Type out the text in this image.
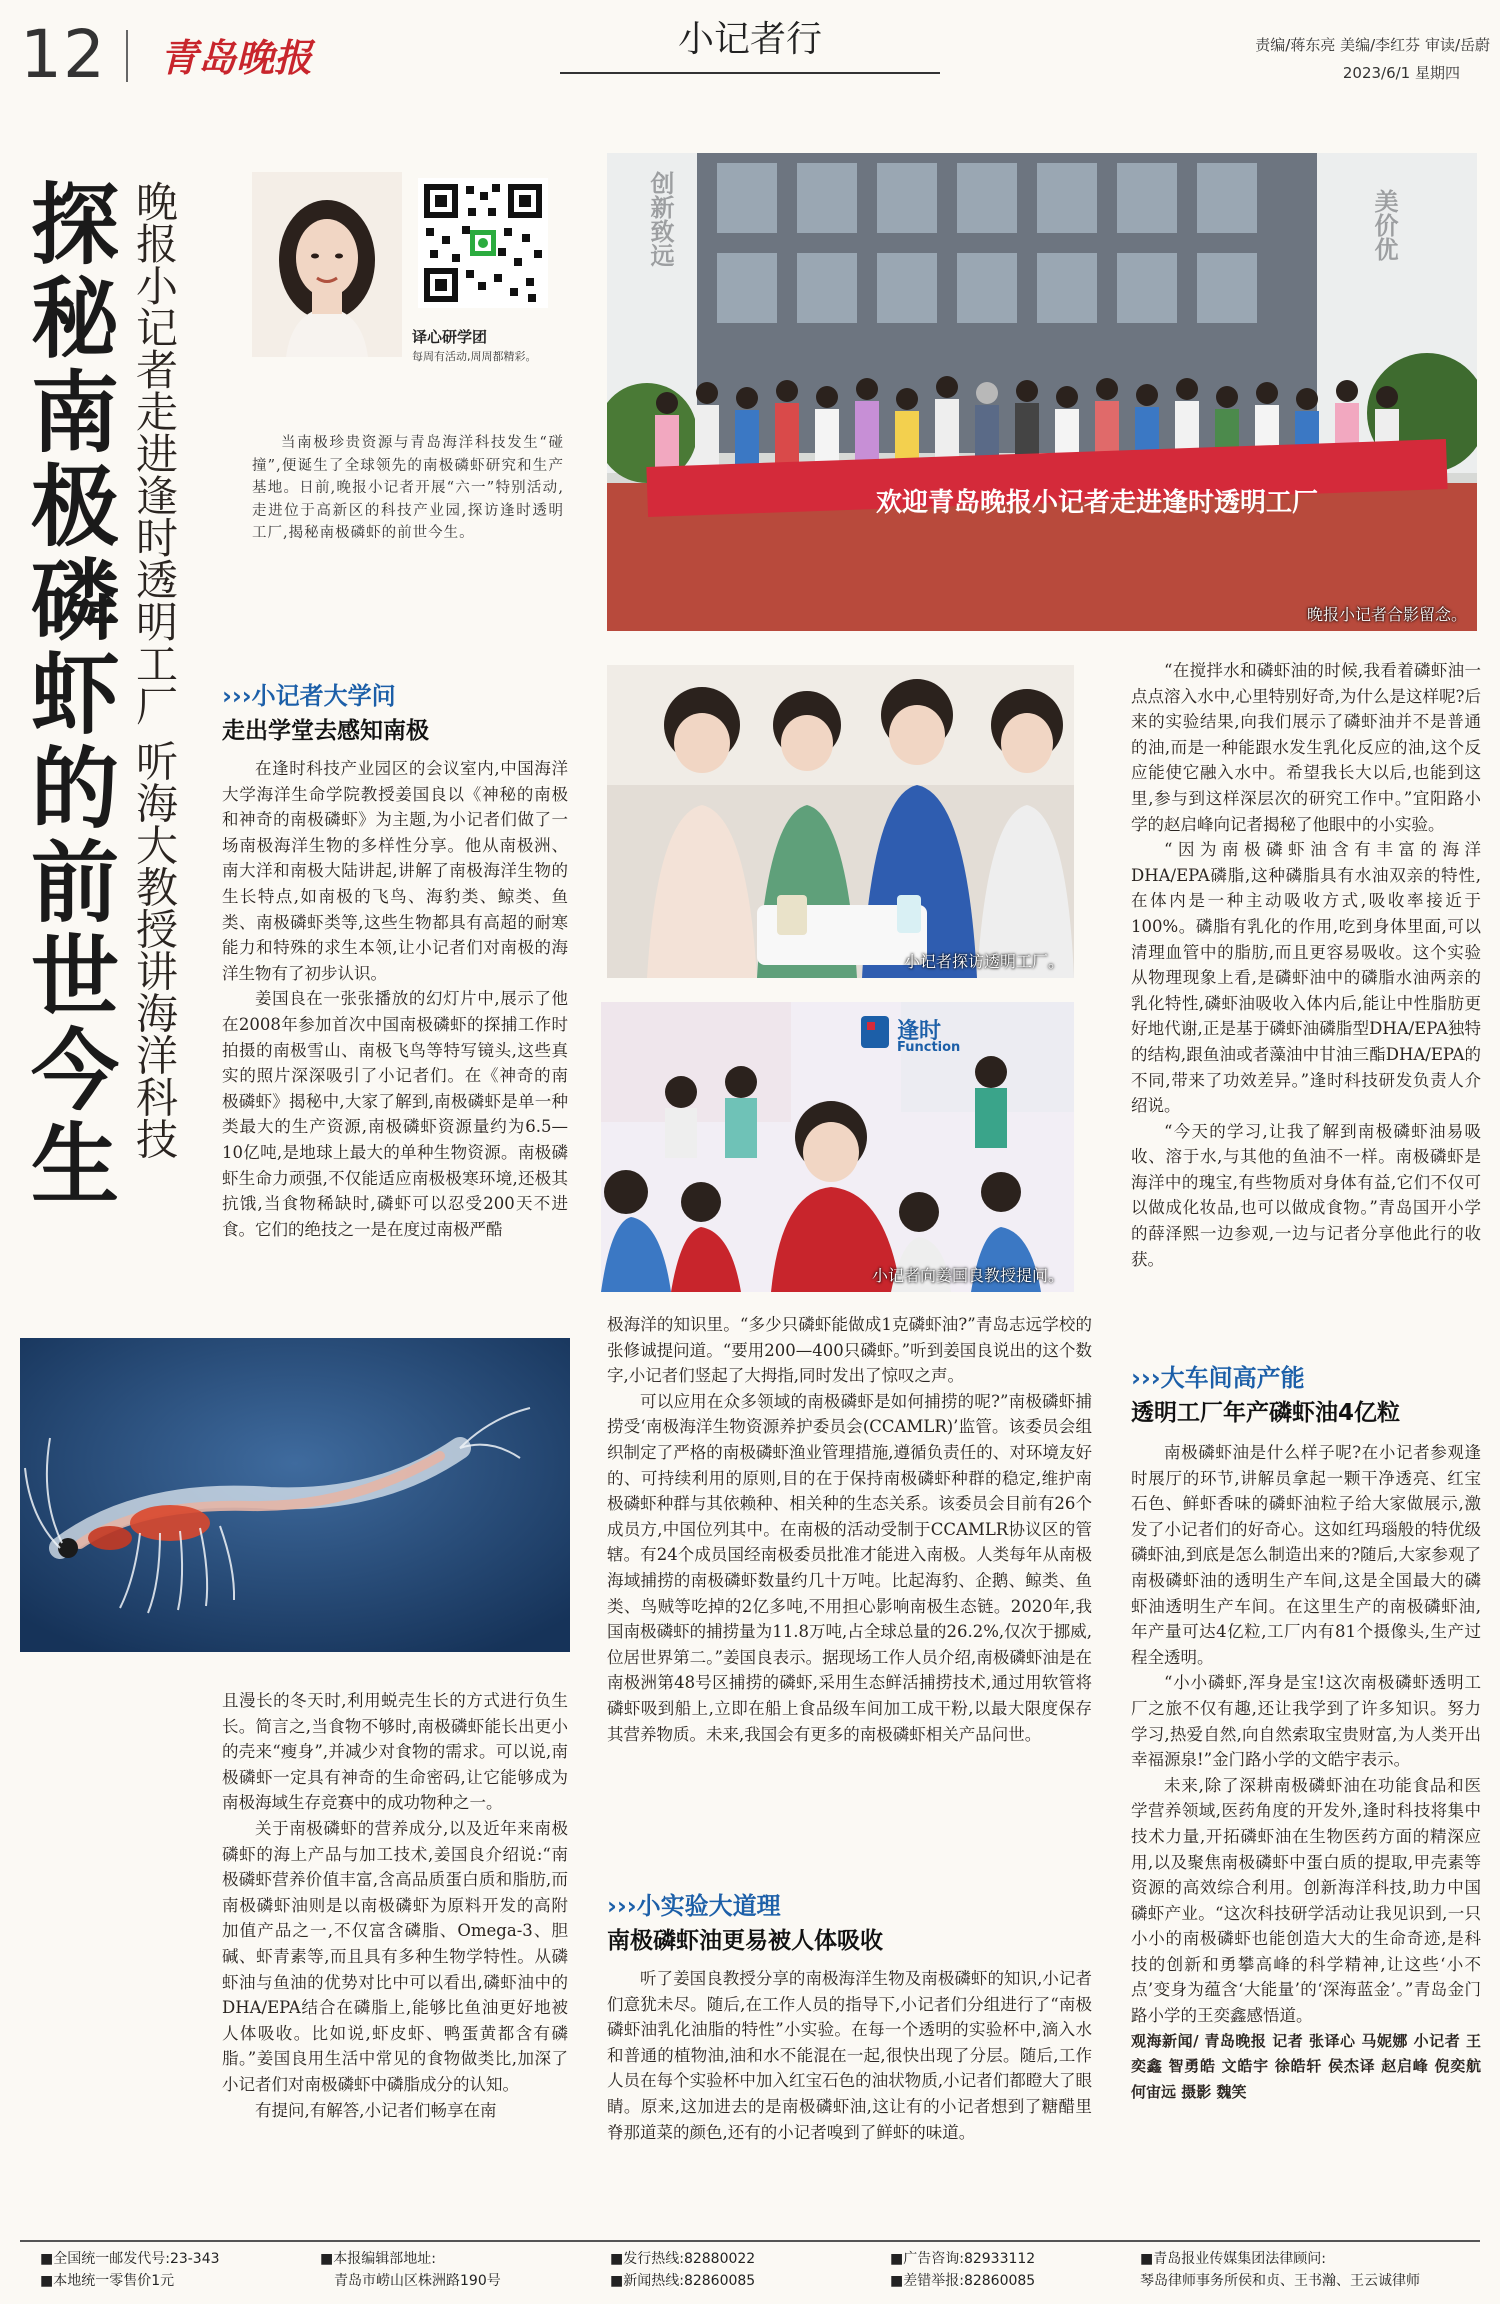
12 青岛晚报	小记者行	责编/蒋东亮 美编/李红芬 审读/岳蔚
2023/6/1 星期四
探秘南极磷虾的前世今生 晚报小记者走进逢时透明工厂 听海大教授讲海洋科技	译心研学团
每周有活动,周周都精彩。

当南极珍贵资源与青岛海洋科技发生“碰撞”,便诞生了全球领先的南极磷虾研究和生产基地。日前,晚报小记者开展“六一”特别活动,走进位于高新区的科技产业园,探访逢时透明工厂,揭秘南极磷虾的前世今生。

欢迎青岛晚报小记者走进逢时透明工厂
创新致远	美价优
晚报小记者合影留念。
›››小记者大学问
走出学堂去感知南极

在逢时科技产业园区的会议室内,中国海洋大学海洋生命学院教授姜国良以《神秘的南极和神奇的南极磷虾》为主题,为小记者们做了一场南极海洋生物的多样性分享。他从南极洲、南大洋和南极大陆讲起,讲解了南极海洋生物的生长特点,如南极的飞鸟、海豹类、鲸类、鱼类、南极磷虾类等,这些生物都具有高超的耐寒能力和特殊的求生本领,让小记者们对南极的海洋生物有了初步认识。

姜国良在一张张播放的幻灯片中,展示了他在2008年参加首次中国南极磷虾的探捕工作时拍摄的南极雪山、南极飞鸟等特写镜头,这些真实的照片深深吸引了小记者们。在《神奇的南极磷虾》揭秘中,大家了解到,南极磷虾是单一种类最大的生产资源,南极磷虾资源量约为6.5—10亿吨,是地球上最大的单种生物资源。南极磷虾生命力顽强,不仅能适应南极极寒环境,还极其抗饿,当食物稀缺时,磷虾可以忍受200天不进食。它们的绝技之一是在度过南极严酷

小记者探访透明工厂。
逢时
Function
小记者向姜国良教授提问。

“在搅拌水和磷虾油的时候,我看着磷虾油一点点溶入水中,心里特别好奇,为什么是这样呢?后来的实验结果,向我们展示了磷虾油并不是普通的油,而是一种能跟水发生乳化反应的油,这个反应能使它融入水中。希望我长大以后,也能到这里,参与到这样深层次的研究工作中。”宜阳路小学的赵启峰向记者揭秘了他眼中的小实验。

“因为南极磷虾油含有丰富的海洋DHA/EPA磷脂,这种磷脂具有水油双亲的特性,在体内是一种主动吸收方式,吸收率接近于100%。磷脂有乳化的作用,吃到身体里面,可以清理血管中的脂肪,而且更容易吸收。这个实验从物理现象上看,是磷虾油中的磷脂水油两亲的乳化特性,磷虾油吸收入体内后,能让中性脂肪更好地代谢,正是基于磷虾油磷脂型DHA/EPA独特的结构,跟鱼油或者藻油中甘油三酯DHA/EPA的不同,带来了功效差异。”逢时科技研发负责人介绍说。

“今天的学习,让我了解到南极磷虾油易吸收、溶于水,与其他的鱼油不一样。南极磷虾是海洋中的瑰宝,有些物质对身体有益,它们不仅可以做成化妆品,也可以做成食物。”青岛国开小学的薛泽熙一边参观,一边与记者分享他此行的收获。

且漫长的冬天时,利用蜕壳生长的方式进行负生长。简言之,当食物不够时,南极磷虾能长出更小的壳来“瘦身”,并减少对食物的需求。可以说,南极磷虾一定具有神奇的生命密码,让它能够成为南极海域生存竞赛中的成功物种之一。

关于南极磷虾的营养成分,以及近年来南极磷虾的海上产品与加工技术,姜国良介绍说:“南极磷虾营养价值丰富,含高品质蛋白质和脂肪,而南极磷虾油则是以南极磷虾为原料开发的高附加值产品之一,不仅富含磷脂、Omega-3、胆碱、虾青素等,而且具有多种生物学特性。从磷虾油与鱼油的优势对比中可以看出,磷虾油中的DHA/EPA结合在磷脂上,能够比鱼油更好地被人体吸收。比如说,虾皮虾、鸭蛋黄都含有磷脂。”姜国良用生活中常见的食物做类比,加深了小记者们对南极磷虾中磷脂成分的认知。

有提问,有解答,小记者们畅享在南

极海洋的知识里。“多少只磷虾能做成1克磷虾油?”青岛志远学校的张修诚提问道。“要用200—400只磷虾。”听到姜国良说出的这个数字,小记者们竖起了大拇指,同时发出了惊叹之声。

可以应用在众多领域的南极磷虾是如何捕捞的呢?”南极磷虾捕捞受‘南极海洋生物资源养护委员会(CCAMLR)’监管。该委员会组织制定了严格的南极磷虾渔业管理措施,遵循负责任的、对环境友好的、可持续利用的原则,目的在于保持南极磷虾种群的稳定,维护南极磷虾种群与其依赖种、相关种的生态关系。该委员会目前有26个成员方,中国位列其中。在南极的活动受制于CCAMLR协议区的管辖。有24个成员国经南极委员批准才能进入南极。人类每年从南极海域捕捞的南极磷虾数量约几十万吨。比起海豹、企鹅、鲸类、鱼类、鸟贼等吃掉的2亿多吨,不用担心影响南极生态链。2020年,我国南极磷虾的捕捞量为11.8万吨,占全球总量的26.2%,仅次于挪威,位居世界第二。”姜国良表示。据现场工作人员介绍,南极磷虾油是在南极洲第48号区捕捞的磷虾,采用生态鲜活捕捞技术,通过用软管将磷虾吸到船上,立即在船上食品级车间加工成干粉,以最大限度保存其营养物质。未来,我国会有更多的南极磷虾相关产品问世。

›››小实验大道理
南极磷虾油更易被人体吸收

听了姜国良教授分享的南极海洋生物及南极磷虾的知识,小记者们意犹未尽。随后,在工作人员的指导下,小记者们分组进行了“南极磷虾油乳化油脂的特性”小实验。在每一个透明的实验杯中,滴入水和普通的植物油,油和水不能混在一起,很快出现了分层。随后,工作人员在每个实验杯中加入红宝石色的油状物质,小记者们都瞪大了眼睛。原来,这加进去的是南极磷虾油,这让有的小记者想到了糖醋里脊那道菜的颜色,还有的小记者嗅到了鲜虾的味道。

›››大车间高产能
透明工厂年产磷虾油4亿粒

南极磷虾油是什么样子呢?在小记者参观逢时展厅的环节,讲解员拿起一颗干净透亮、红宝石色、鲜虾香味的磷虾油粒子给大家做展示,激发了小记者们的好奇心。这如红玛瑙般的特优级磷虾油,到底是怎么制造出来的?随后,大家参观了南极磷虾油的透明生产车间,这是全国最大的磷虾油透明生产车间。在这里生产的南极磷虾油,年产量可达4亿粒,工厂内有81个摄像头,生产过程全透明。

“小小磷虾,浑身是宝!这次南极磷虾透明工厂之旅不仅有趣,还让我学到了许多知识。努力学习,热爱自然,向自然索取宝贵财富,为人类开出幸福源泉!”金门路小学的文皓宇表示。

未来,除了深耕南极磷虾油在功能食品和医学营养领域,医药角度的开发外,逢时科技将集中技术力量,开拓磷虾油在生物医药方面的精深应用,以及聚焦南极磷虾中蛋白质的提取,甲壳素等资源的高效综合利用。创新海洋科技,助力中国磷虾产业。“这次科技研学活动让我见识到,一只小小的南极磷虾也能创造大大的生命奇迹,是科技的创新和勇攀高峰的科学精神,让这些‘小不点’变身为蕴含‘大能量’的‘深海蓝金’。”青岛金门路小学的王奕鑫感悟道。

观海新闻/ 青岛晚报 记者 张译心 马妮娜 小记者 王奕鑫 智勇皓 文皓宇 徐皓轩 侯杰译 赵启峰 倪奕航 何宙远 摄影 魏笑

■全国统一邮发代号:23-343
■本地统一零售价1元
■本报编辑部地址:
青岛市崂山区株洲路190号
■发行热线:82880022
■新闻热线:82860085
■广告咨询:82933112
■差错举报:82860085
■青岛报业传媒集团法律顾问:
琴岛律师事务所侯和贞、王书瀚、王云诚律师
